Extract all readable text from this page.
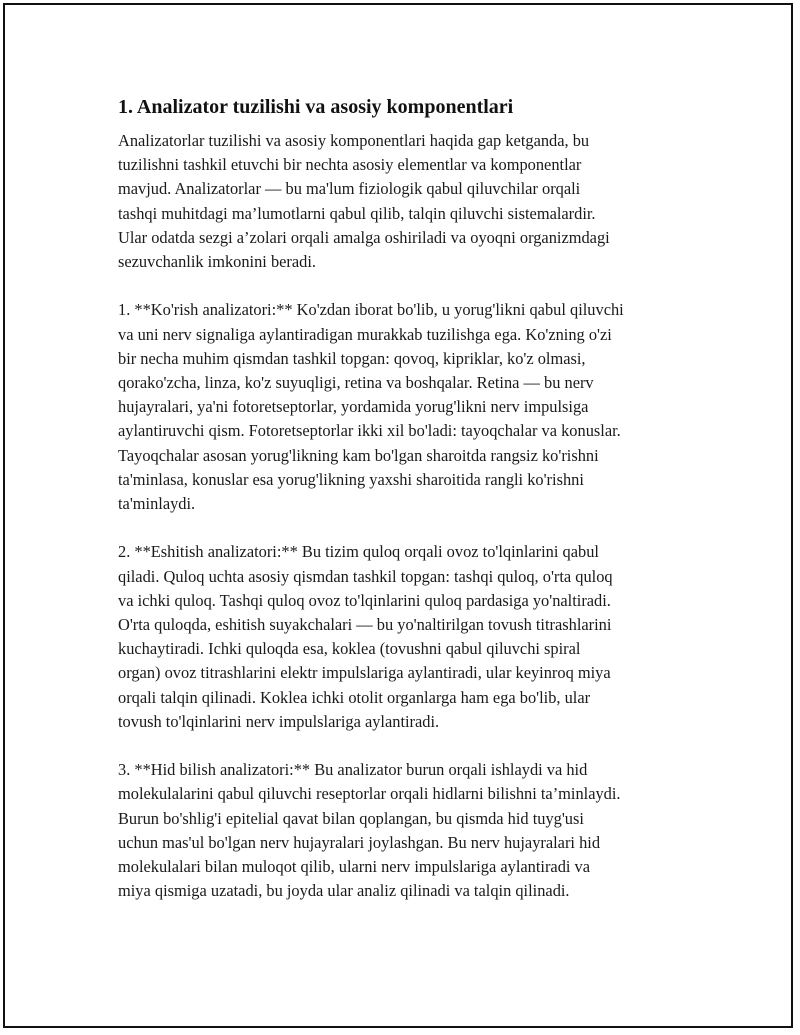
1. Analizator tuzilishi va asosiy komponentlari
Analizatorlar tuzilishi va asosiy komponentlari haqida gap ketganda, bu
tuzilishni tashkil etuvchi bir nechta asosiy elementlar va komponentlar
mavjud. Analizatorlar — bu ma'lum fiziologik qabul qiluvchilar orqali
tashqi muhitdagi ma’lumotlarni qabul qilib, talqin qiluvchi sistemalardir.
Ular odatda sezgi a’zolari orqali amalga oshiriladi va oyoqni organizmdagi
sezuvchanlik imkonini beradi.
1. **Ko'rish analizatori:** Ko'zdan iborat bo'lib, u yorug'likni qabul qiluvchi
va uni nerv signaliga aylantiradigan murakkab tuzilishga ega. Ko'zning o'zi
bir necha muhim qismdan tashkil topgan: qovoq, kipriklar, ko'z olmasi,
qorako'zcha, linza, ko'z suyuqligi, retina va boshqalar. Retina — bu nerv
hujayralari, ya'ni fotoretseptorlar, yordamida yorug'likni nerv impulsiga
aylantiruvchi qism. Fotoretseptorlar ikki xil bo'ladi: tayoqchalar va konuslar.
Tayoqchalar asosan yorug'likning kam bo'lgan sharoitda rangsiz ko'rishni
ta'minlasa, konuslar esa yorug'likning yaxshi sharoitida rangli ko'rishni
ta'minlaydi.
2. **Eshitish analizatori:** Bu tizim quloq orqali ovoz to'lqinlarini qabul
qiladi. Quloq uchta asosiy qismdan tashkil topgan: tashqi quloq, o'rta quloq
va ichki quloq. Tashqi quloq ovoz to'lqinlarini quloq pardasiga yo'naltiradi.
O'rta quloqda, eshitish suyakchalari — bu yo'naltirilgan tovush titrashlarini
kuchaytiradi. Ichki quloqda esa, koklea (tovushni qabul qiluvchi spiral
organ) ovoz titrashlarini elektr impulslariga aylantiradi, ular keyinroq miya
orqali talqin qilinadi. Koklea ichki otolit organlarga ham ega bo'lib, ular
tovush to'lqinlarini nerv impulslariga aylantiradi.
3. **Hid bilish analizatori:** Bu analizator burun orqali ishlaydi va hid
molekulalarini qabul qiluvchi reseptorlar orqali hidlarni bilishni ta’minlaydi.
Burun bo'shlig'i epitelial qavat bilan qoplangan, bu qismda hid tuyg'usi
uchun mas'ul bo'lgan nerv hujayralari joylashgan. Bu nerv hujayralari hid
molekulalari bilan muloqot qilib, ularni nerv impulslariga aylantiradi va
miya qismiga uzatadi, bu joyda ular analiz qilinadi va talqin qilinadi.
